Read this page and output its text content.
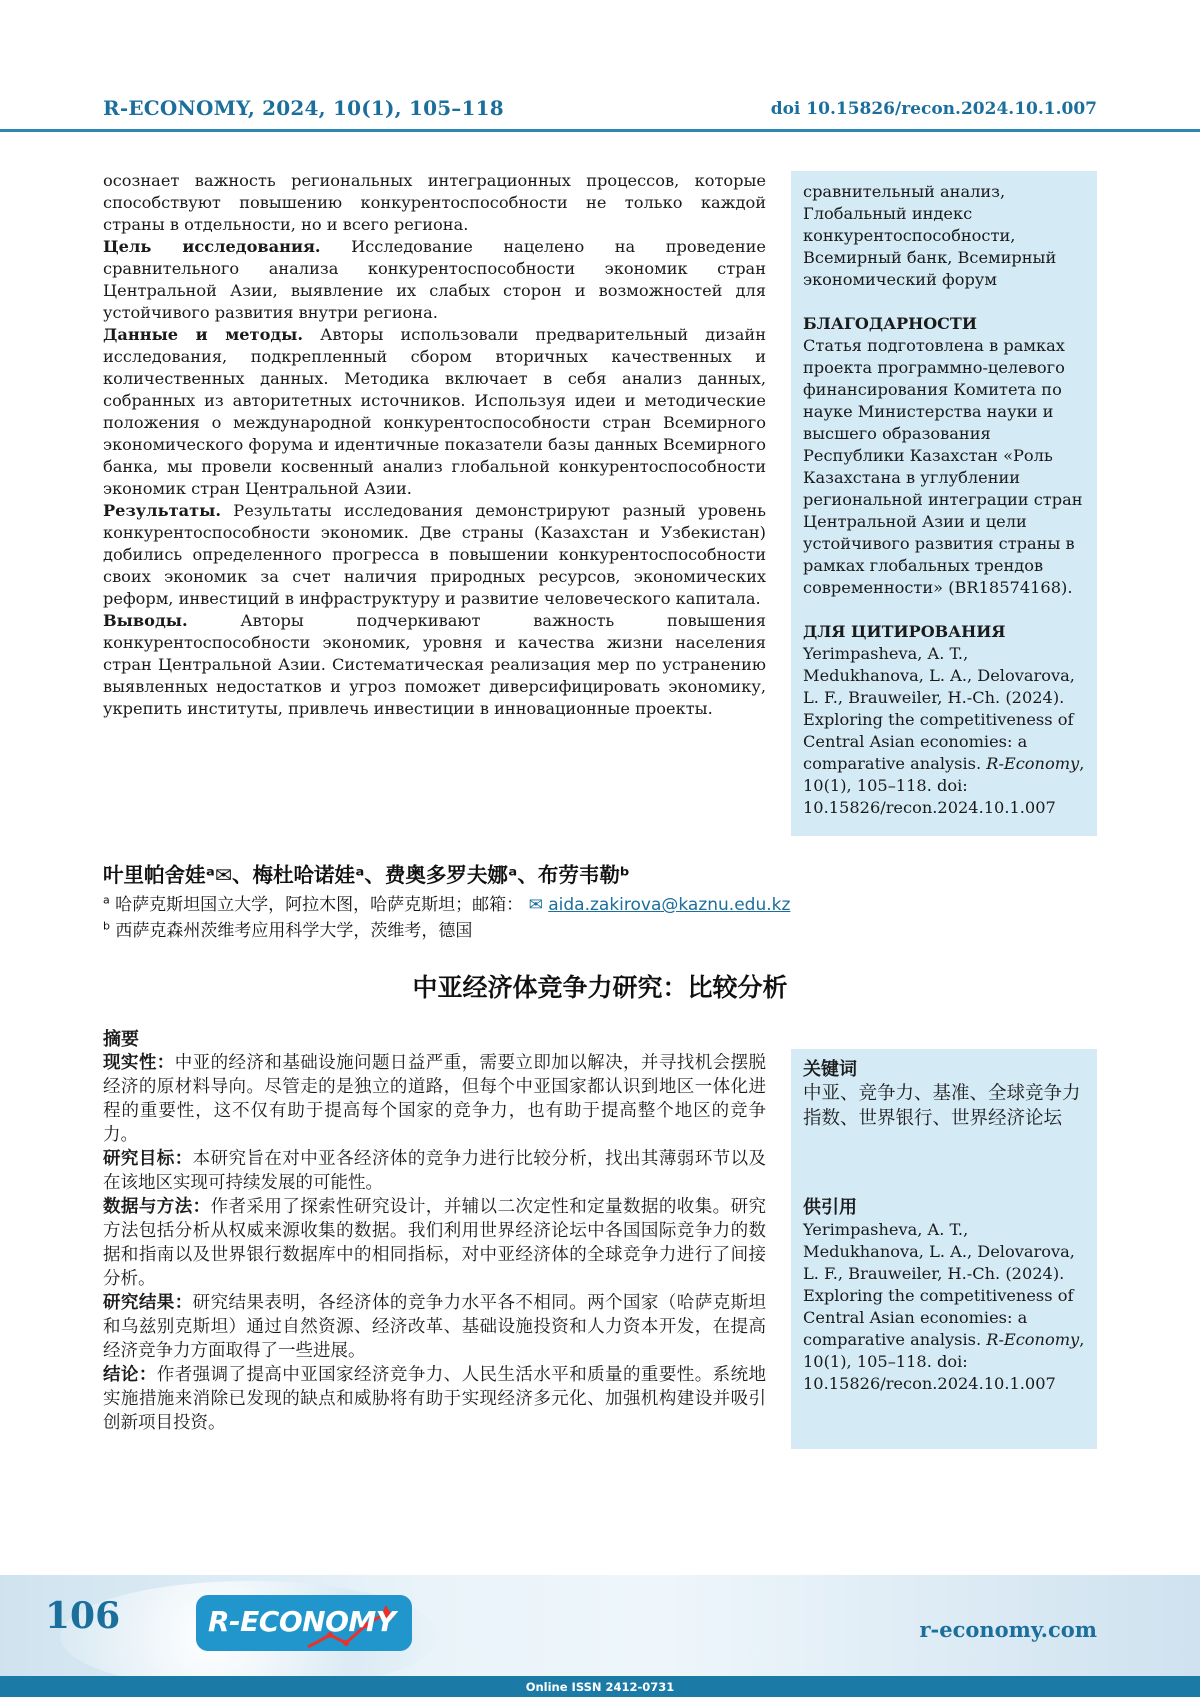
R-ECONOMY, 2024, 10(1), 105–118	doi 10.15826/recon.2024.10.1.007

осознает важность региональных интеграционных процессов, которые способствуют повышению конкурентоспособности не только каждой страны в отдельности, но и всего региона.

Цель исследования. Исследование нацелено на проведение сравнительного анализа конкурентоспособности экономик стран Центральной Азии, выявление их слабых сторон и возможностей для устойчивого развития внутри региона.

Данные и методы. Авторы использовали предварительный дизайн исследования, подкрепленный сбором вторичных качественных и количественных данных. Методика включает в себя анализ данных, собранных из авторитетных источников. Используя идеи и методические положения о международной конкурентоспособности стран Всемирного экономического форума и идентичные показатели базы данных Всемирного банка, мы провели косвенный анализ глобальной конкурентоспособности экономик стран Центральной Азии.

Результаты. Результаты исследования демонстрируют разный уровень конкурентоспособности экономик. Две страны (Казахстан и Узбекистан) добились определенного прогресса в повышении конкурентоспособности своих экономик за счет наличия природных ресурсов, экономических реформ, инвестиций в инфраструктуру и развитие человеческого капитала.

Выводы. Авторы подчеркивают важность повышения конкурентоспособности экономик, уровня и качества жизни населения стран Центральной Азии. Систематическая реализация мер по устранению выявленных недостатков и угроз поможет диверсифицировать экономику, укрепить институты, привлечь инвестиции в инновационные проекты.

сравнительный анализ, Глобальный индекс конкурентоспособности, Всемирный банк, Всемирный экономический форум

БЛАГОДАРНОСТИ

Статья подготовлена в рамках проекта программно-целевого финансирования Комитета по науке Министерства науки и высшего образования Республики Казахстан «Роль Казахстана в углублении региональной интеграции стран Центральной Азии и цели устойчивого развития страны в рамках глобальных трендов современности» (BR18574168).

ДЛЯ ЦИТИРОВАНИЯ

Yerimpasheva, A. T., Medukhanova, L. A., Delovarova, L. F., Brauweiler, H.-Ch. (2024). Exploring the competitiveness of Central Asian economies: a comparative analysis. R-Economy, 10(1), 105–118. doi: 10.15826/recon.2024.10.1.007

叶里帕舍娃ᵃ✉、梅杜哈诺娃ᵃ、费奥多罗夫娜ᵃ、布劳韦勒ᵇ
a 哈萨克斯坦国立大学，阿拉木图，哈萨克斯坦；邮箱： ✉ aida.zakirova@kaznu.edu.kz
b 西萨克森州茨维考应用科学大学，茨维考，德国
中亚经济体竞争力研究：比较分析
摘要

现实性：中亚的经济和基础设施问题日益严重，需要立即加以解决，并寻找机会摆脱经济的原材料导向。尽管走的是独立的道路，但每个中亚国家都认识到地区一体化进程的重要性，这不仅有助于提高每个国家的竞争力，也有助于提高整个地区的竞争力。

研究目标：本研究旨在对中亚各经济体的竞争力进行比较分析，找出其薄弱环节以及在该地区实现可持续发展的可能性。

数据与方法：作者采用了探索性研究设计，并辅以二次定性和定量数据的收集。研究方法包括分析从权威来源收集的数据。我们利用世界经济论坛中各国国际竞争力的数据和指南以及世界银行数据库中的相同指标，对中亚经济体的全球竞争力进行了间接分析。

研究结果：研究结果表明，各经济体的竞争力水平各不相同。两个国家（哈萨克斯坦和乌兹别克斯坦）通过自然资源、经济改革、基础设施投资和人力资本开发，在提高经济竞争力方面取得了一些进展。

结论：作者强调了提高中亚国家经济竞争力、人民生活水平和质量的重要性。系统地实施措施来消除已发现的缺点和威胁将有助于实现经济多元化、加强机构建设并吸引创新项目投资。

关键词

中亚、竞争力、基准、全球竞争力指数、世界银行、世界经济论坛

供引用

Yerimpasheva, A. T., Medukhanova, L. A., Delovarova, L. F., Brauweiler, H.-Ch. (2024). Exploring the competitiveness of Central Asian economies: a comparative analysis. R-Economy, 10(1), 105–118. doi: 10.15826/recon.2024.10.1.007

106	R-ECONOMY	r-economy.com
Online ISSN 2412-0731
